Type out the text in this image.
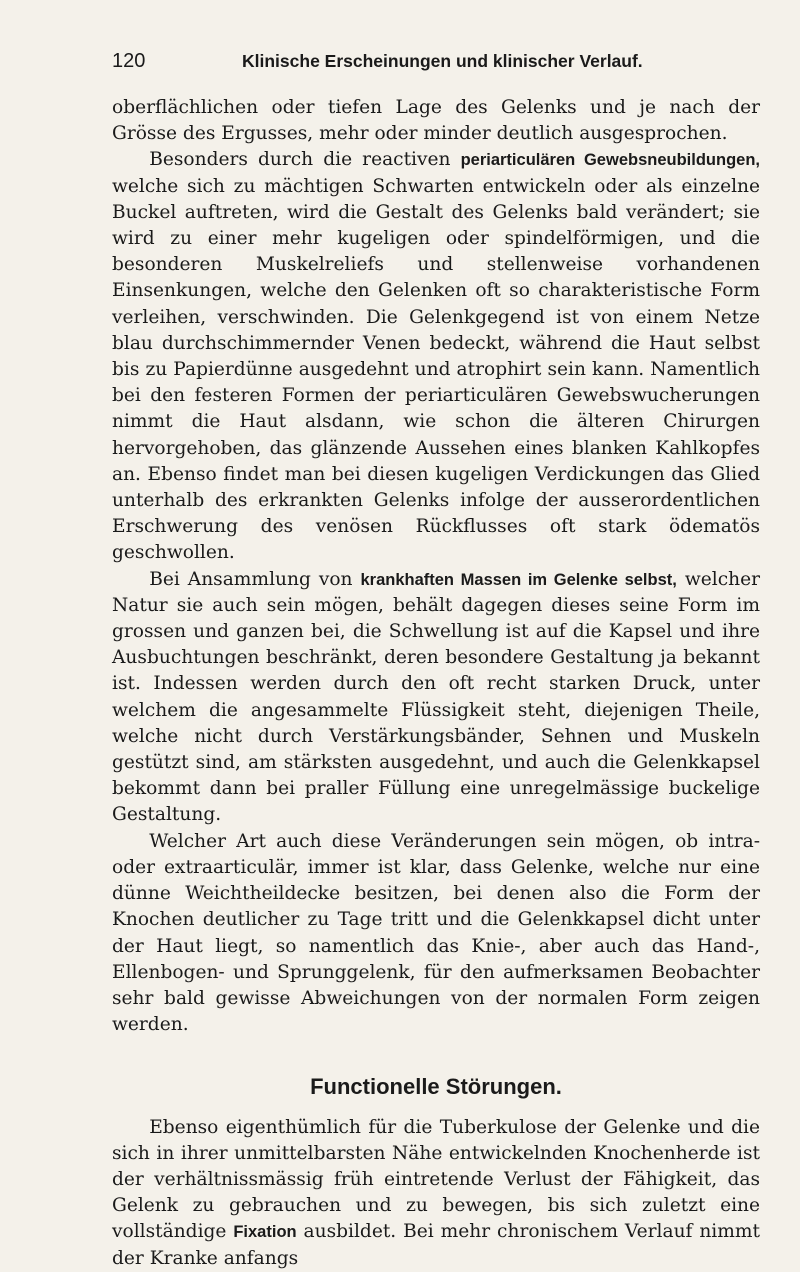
120	Klinische Erscheinungen und klinischer Verlauf.

oberflächlichen oder tiefen Lage des Gelenks und je nach der Grösse des Ergusses, mehr oder minder deutlich ausgesprochen.

Besonders durch die reactiven periarticulären Gewebsneubildungen, welche sich zu mächtigen Schwarten entwickeln oder als einzelne Buckel auftreten, wird die Gestalt des Gelenks bald verändert; sie wird zu einer mehr kugeligen oder spindelförmigen, und die besonderen Muskelreliefs und stellenweise vorhandenen Einsenkungen, welche den Gelenken oft so charakteristische Form verleihen, verschwinden. Die Gelenkgegend ist von einem Netze blau durchschimmernder Venen bedeckt, während die Haut selbst bis zu Papierdünne ausgedehnt und atrophirt sein kann. Namentlich bei den festeren Formen der periarticulären Gewebswucherungen nimmt die Haut alsdann, wie schon die älteren Chirurgen hervorgehoben, das glänzende Aussehen eines blanken Kahlkopfes an. Ebenso findet man bei diesen kugeligen Verdickungen das Glied unterhalb des erkrankten Gelenks infolge der ausserordentlichen Erschwerung des venösen Rückflusses oft stark ödematös geschwollen.

Bei Ansammlung von krankhaften Massen im Gelenke selbst, welcher Natur sie auch sein mögen, behält dagegen dieses seine Form im grossen und ganzen bei, die Schwellung ist auf die Kapsel und ihre Ausbuchtungen beschränkt, deren besondere Gestaltung ja bekannt ist. Indessen werden durch den oft recht starken Druck, unter welchem die angesammelte Flüssigkeit steht, diejenigen Theile, welche nicht durch Verstärkungsbänder, Sehnen und Muskeln gestützt sind, am stärksten ausgedehnt, und auch die Gelenkkapsel bekommt dann bei praller Füllung eine unregelmässige buckelige Gestaltung.

Welcher Art auch diese Veränderungen sein mögen, ob intra- oder extraarticulär, immer ist klar, dass Gelenke, welche nur eine dünne Weichtheildecke besitzen, bei denen also die Form der Knochen deutlicher zu Tage tritt und die Gelenkkapsel dicht unter der Haut liegt, so namentlich das Knie-, aber auch das Hand-, Ellenbogen- und Sprunggelenk, für den aufmerksamen Beobachter sehr bald gewisse Abweichungen von der normalen Form zeigen werden.

Functionelle Störungen.

Ebenso eigenthümlich für die Tuberkulose der Gelenke und die sich in ihrer unmittelbarsten Nähe entwickelnden Knochenherde ist der verhältnissmässig früh eintretende Verlust der Fähigkeit, das Gelenk zu gebrauchen und zu bewegen, bis sich zuletzt eine vollständige Fixation ausbildet. Bei mehr chronischem Verlauf nimmt der Kranke anfangs
